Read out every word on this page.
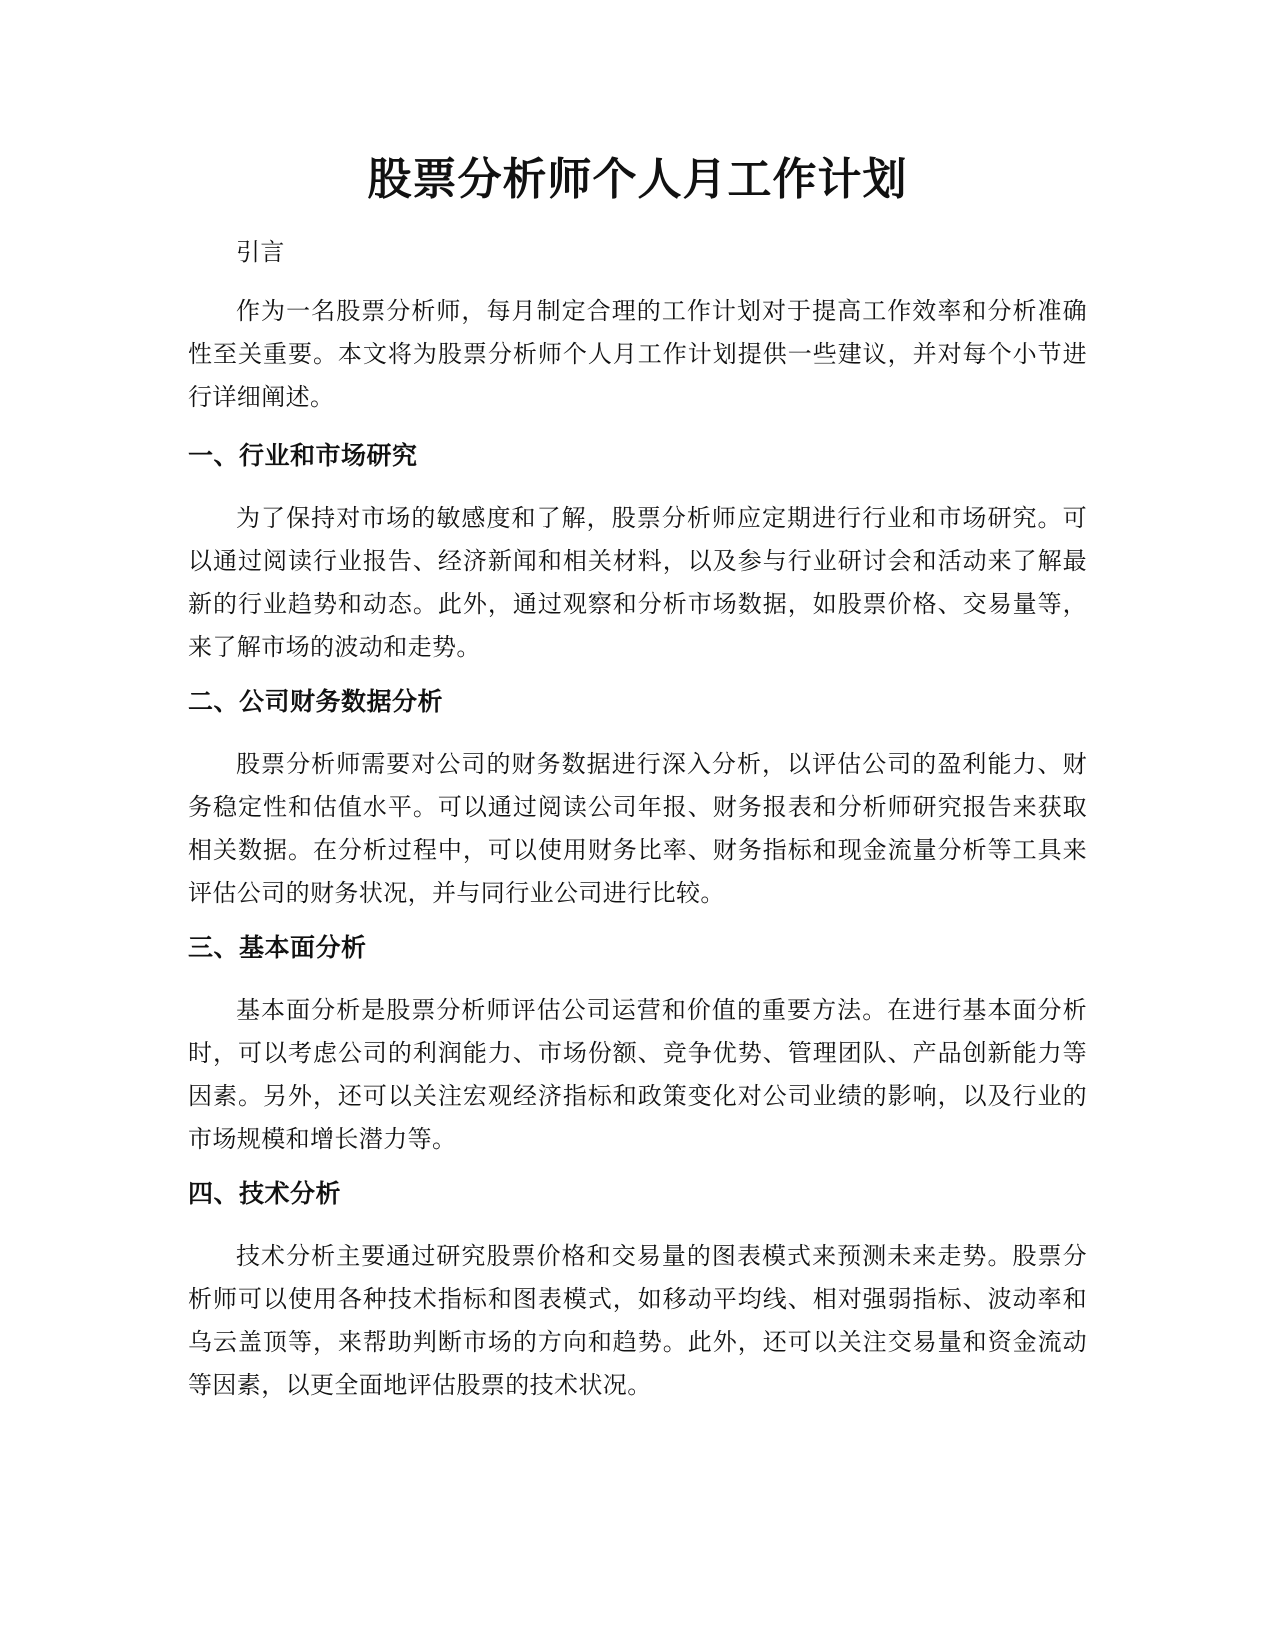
股票分析师个人月工作计划

引言

作为一名股票分析师，每月制定合理的工作计划对于提高工作效率和分析准确性至关重要。本文将为股票分析师个人月工作计划提供一些建议，并对每个小节进行详细阐述。

一、行业和市场研究

为了保持对市场的敏感度和了解，股票分析师应定期进行行业和市场研究。可以通过阅读行业报告、经济新闻和相关材料，以及参与行业研讨会和活动来了解最新的行业趋势和动态。此外，通过观察和分析市场数据，如股票价格、交易量等，来了解市场的波动和走势。

二、公司财务数据分析

股票分析师需要对公司的财务数据进行深入分析，以评估公司的盈利能力、财务稳定性和估值水平。可以通过阅读公司年报、财务报表和分析师研究报告来获取相关数据。在分析过程中，可以使用财务比率、财务指标和现金流量分析等工具来评估公司的财务状况，并与同行业公司进行比较。

三、基本面分析

基本面分析是股票分析师评估公司运营和价值的重要方法。在进行基本面分析时，可以考虑公司的利润能力、市场份额、竞争优势、管理团队、产品创新能力等因素。另外，还可以关注宏观经济指标和政策变化对公司业绩的影响，以及行业的市场规模和增长潜力等。

四、技术分析

技术分析主要通过研究股票价格和交易量的图表模式来预测未来走势。股票分析师可以使用各种技术指标和图表模式，如移动平均线、相对强弱指标、波动率和乌云盖顶等，来帮助判断市场的方向和趋势。此外，还可以关注交易量和资金流动等因素，以更全面地评估股票的技术状况。
